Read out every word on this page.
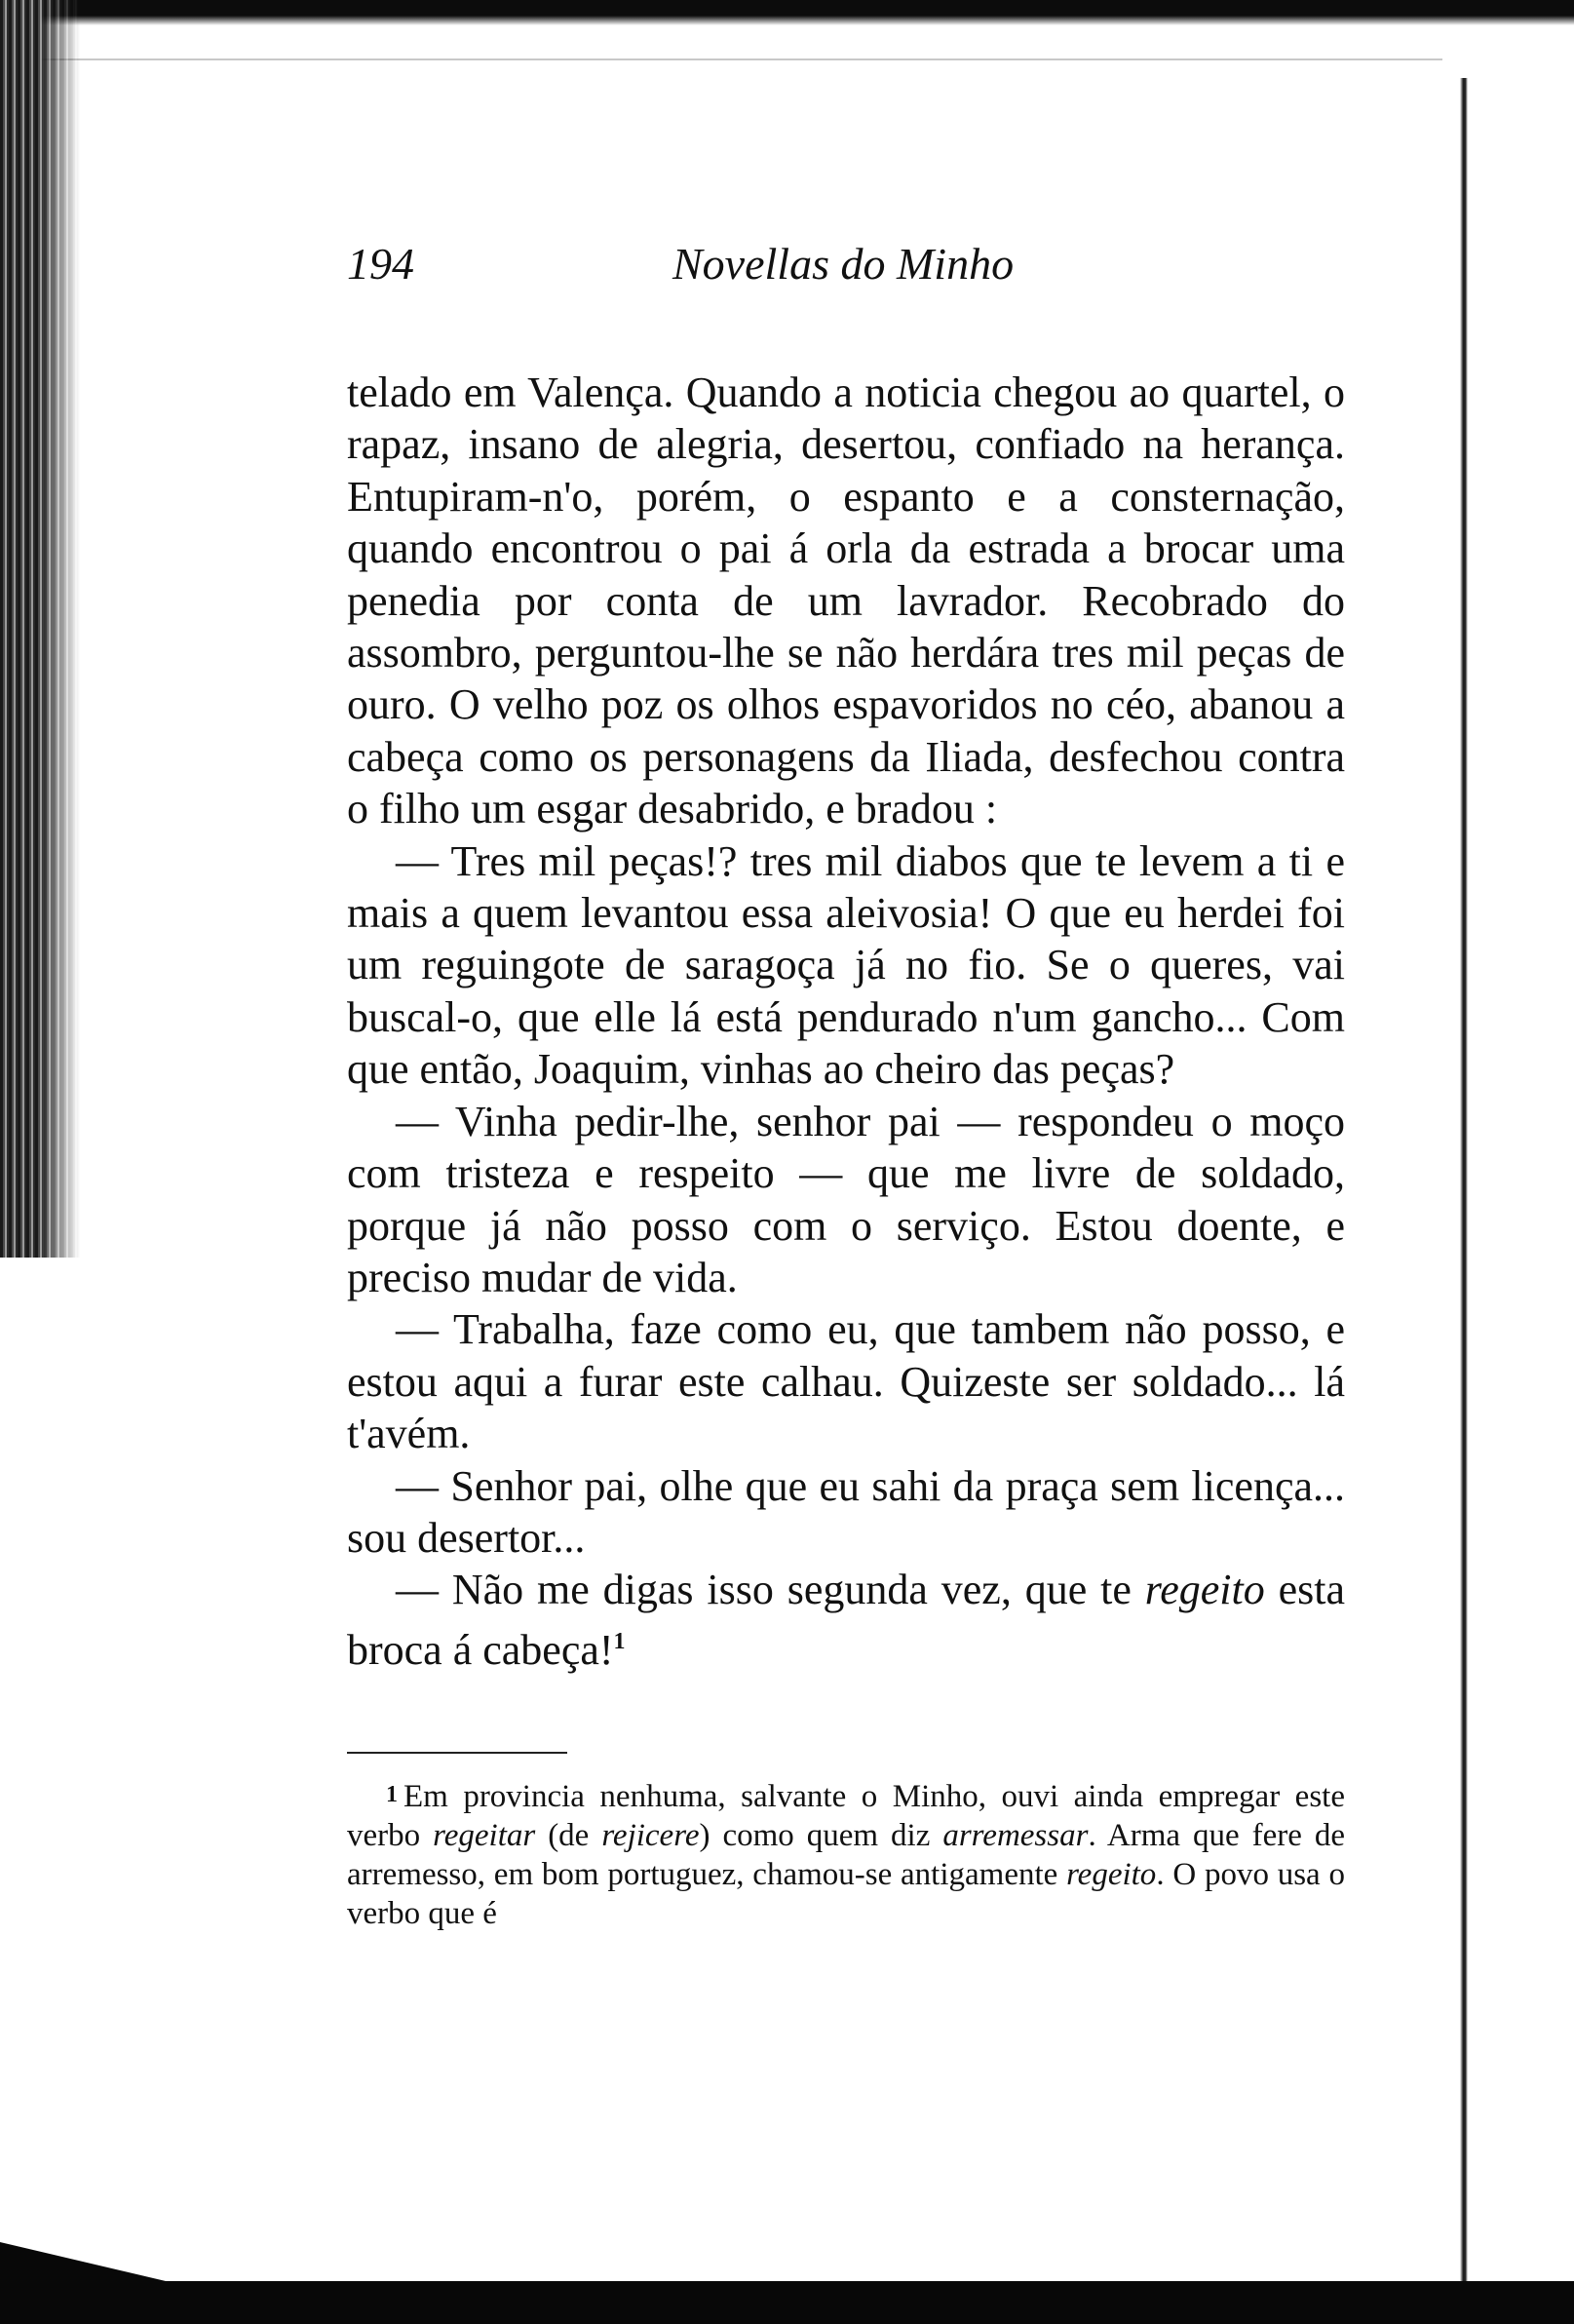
194	Novellas do Minho

telado em Valença. Quando a noticia chegou ao quartel, o rapaz, insano de alegria, desertou, confiado na herança. Entupiram-n'o, porém, o espanto e a consternação, quando encontrou o pai á orla da estrada a brocar uma penedia por conta de um lavrador. Recobrado do assombro, perguntou-lhe se não herdára tres mil peças de ouro. O velho poz os olhos espavoridos no céo, abanou a cabeça como os personagens da Iliada, desfechou contra o filho um esgar desabrido, e bradou :

— Tres mil peças!? tres mil diabos que te levem a ti e mais a quem levantou essa aleivosia! O que eu herdei foi um reguingote de saragoça já no fio. Se o queres, vai buscal-o, que elle lá está pendurado n'um gancho... Com que então, Joaquim, vinhas ao cheiro das peças?

— Vinha pedir-lhe, senhor pai — respondeu o moço com tristeza e respeito — que me livre de soldado, porque já não posso com o serviço. Estou doente, e preciso mudar de vida.

— Trabalha, faze como eu, que tambem não posso, e estou aqui a furar este calhau. Quizeste ser soldado... lá t'avém.

— Senhor pai, olhe que eu sahi da praça sem licença... sou desertor...

— Não me digas isso segunda vez, que te regeito esta broca á cabeça!$^1$

1 Em provincia nenhuma, salvante o Minho, ouvi ainda empregar este verbo regeitar (de rejicere) como quem diz arremessar. Arma que fere de arremesso, em bom portuguez, chamou-se antigamente regeito. O povo usa o verbo que é
